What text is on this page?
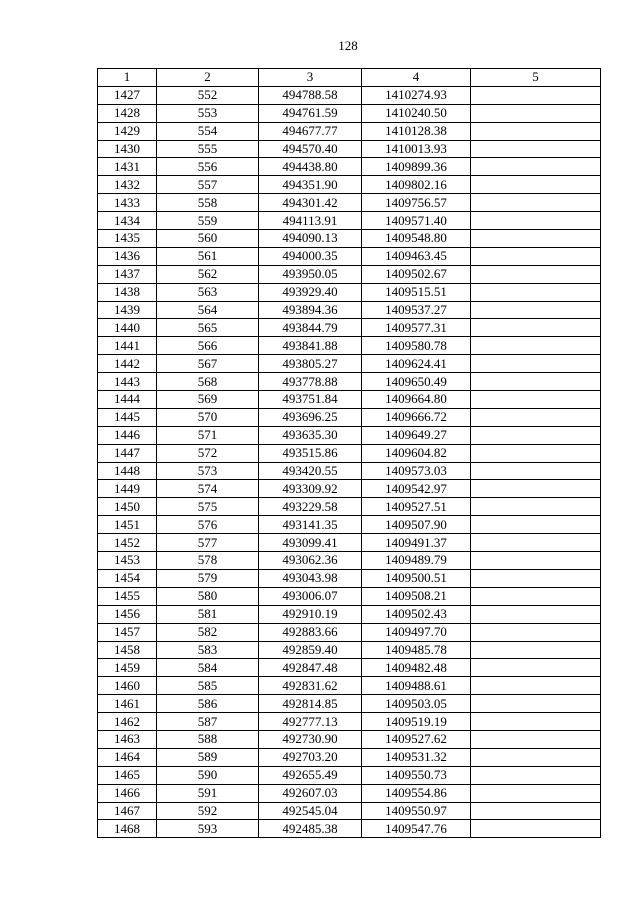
128
1	2	3	4	5
1427	552	494788.58	1410274.93	
1428	553	494761.59	1410240.50	
1429	554	494677.77	1410128.38	
1430	555	494570.40	1410013.93	
1431	556	494438.80	1409899.36	
1432	557	494351.90	1409802.16	
1433	558	494301.42	1409756.57	
1434	559	494113.91	1409571.40	
1435	560	494090.13	1409548.80	
1436	561	494000.35	1409463.45	
1437	562	493950.05	1409502.67	
1438	563	493929.40	1409515.51	
1439	564	493894.36	1409537.27	
1440	565	493844.79	1409577.31	
1441	566	493841.88	1409580.78	
1442	567	493805.27	1409624.41	
1443	568	493778.88	1409650.49	
1444	569	493751.84	1409664.80	
1445	570	493696.25	1409666.72	
1446	571	493635.30	1409649.27	
1447	572	493515.86	1409604.82	
1448	573	493420.55	1409573.03	
1449	574	493309.92	1409542.97	
1450	575	493229.58	1409527.51	
1451	576	493141.35	1409507.90	
1452	577	493099.41	1409491.37	
1453	578	493062.36	1409489.79	
1454	579	493043.98	1409500.51	
1455	580	493006.07	1409508.21	
1456	581	492910.19	1409502.43	
1457	582	492883.66	1409497.70	
1458	583	492859.40	1409485.78	
1459	584	492847.48	1409482.48	
1460	585	492831.62	1409488.61	
1461	586	492814.85	1409503.05	
1462	587	492777.13	1409519.19	
1463	588	492730.90	1409527.62	
1464	589	492703.20	1409531.32	
1465	590	492655.49	1409550.73	
1466	591	492607.03	1409554.86	
1467	592	492545.04	1409550.97	
1468	593	492485.38	1409547.76	
